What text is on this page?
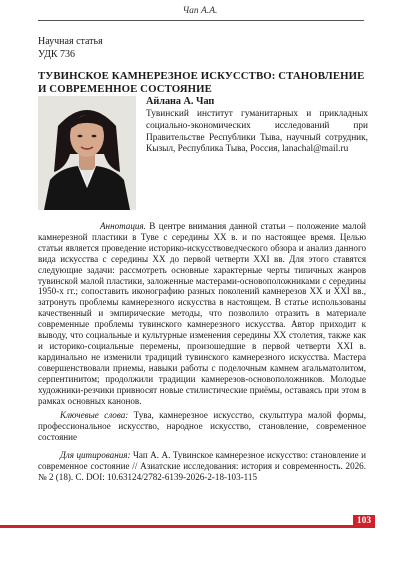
Чап А.А.
Научная статья
УДК 736
ТУВИНСКОЕ КАМНЕРЕЗНОЕ ИСКУССТВО: СТАНОВЛЕНИЕ И СОВРЕМЕННОЕ СОСТОЯНИЕ
Айлана А. Чап
Тувинский институт гуманитарных и прикладных социально-экономических исследований при Правительстве Республики Тыва, научный сотрудник, Кызыл, Республика Тыва, Россия, lanachal@mail.ru

Аннотация. В центре внимания данной статьи – положение малой камнерезной пластики в Туве с середины XX в. и по настоящее время. Целью статьи является проведение историко-искусствоведческого обзора и анализ данного вида искусства с середины XX до первой четверти XXI вв. Для этого ставятся следующие задачи: рассмотреть основные характерные черты типичных жанров тувинской малой пластики, заложенные мастерами-основоположниками с середины 1950-х гг.; сопоставить иконографию разных поколений камнерезов XX и XXI вв., затронуть проблемы камнерезного искусства в настоящем. В статье использованы качественный и эмпирические методы, что позволило отразить в материале современные проблемы тувинского камнерезного искусства. Автор приходит к выводу, что социальные и культурные изменения середины XX столетия, также как и историко-социальные перемены, произошедшие в первой четверти XXI в. кардинально не изменили традиций тувинского камнерезного искусства. Мастера совершенствовали приемы, навыки работы с поделочным камнем агальматолитом, серпентинитом; продолжили традиции камнерезов-основоположников. Молодые художники-резчики привносят новые стилистические приёмы, оставаясь при этом в рамках основных канонов.

Ключевые слова: Тува, камнерезное искусство, скульптура малой формы, профессиональное искусство, народное искусство, становление, современное состояние

Для цитирования: Чап А. А. Тувинское камнерезное искусство: становление и современное состояние // Азиатские исследования: история и современность. 2026. № 2 (18). С. DOI: 10.63124/2782-6139-2026-2-18-103-115

103
